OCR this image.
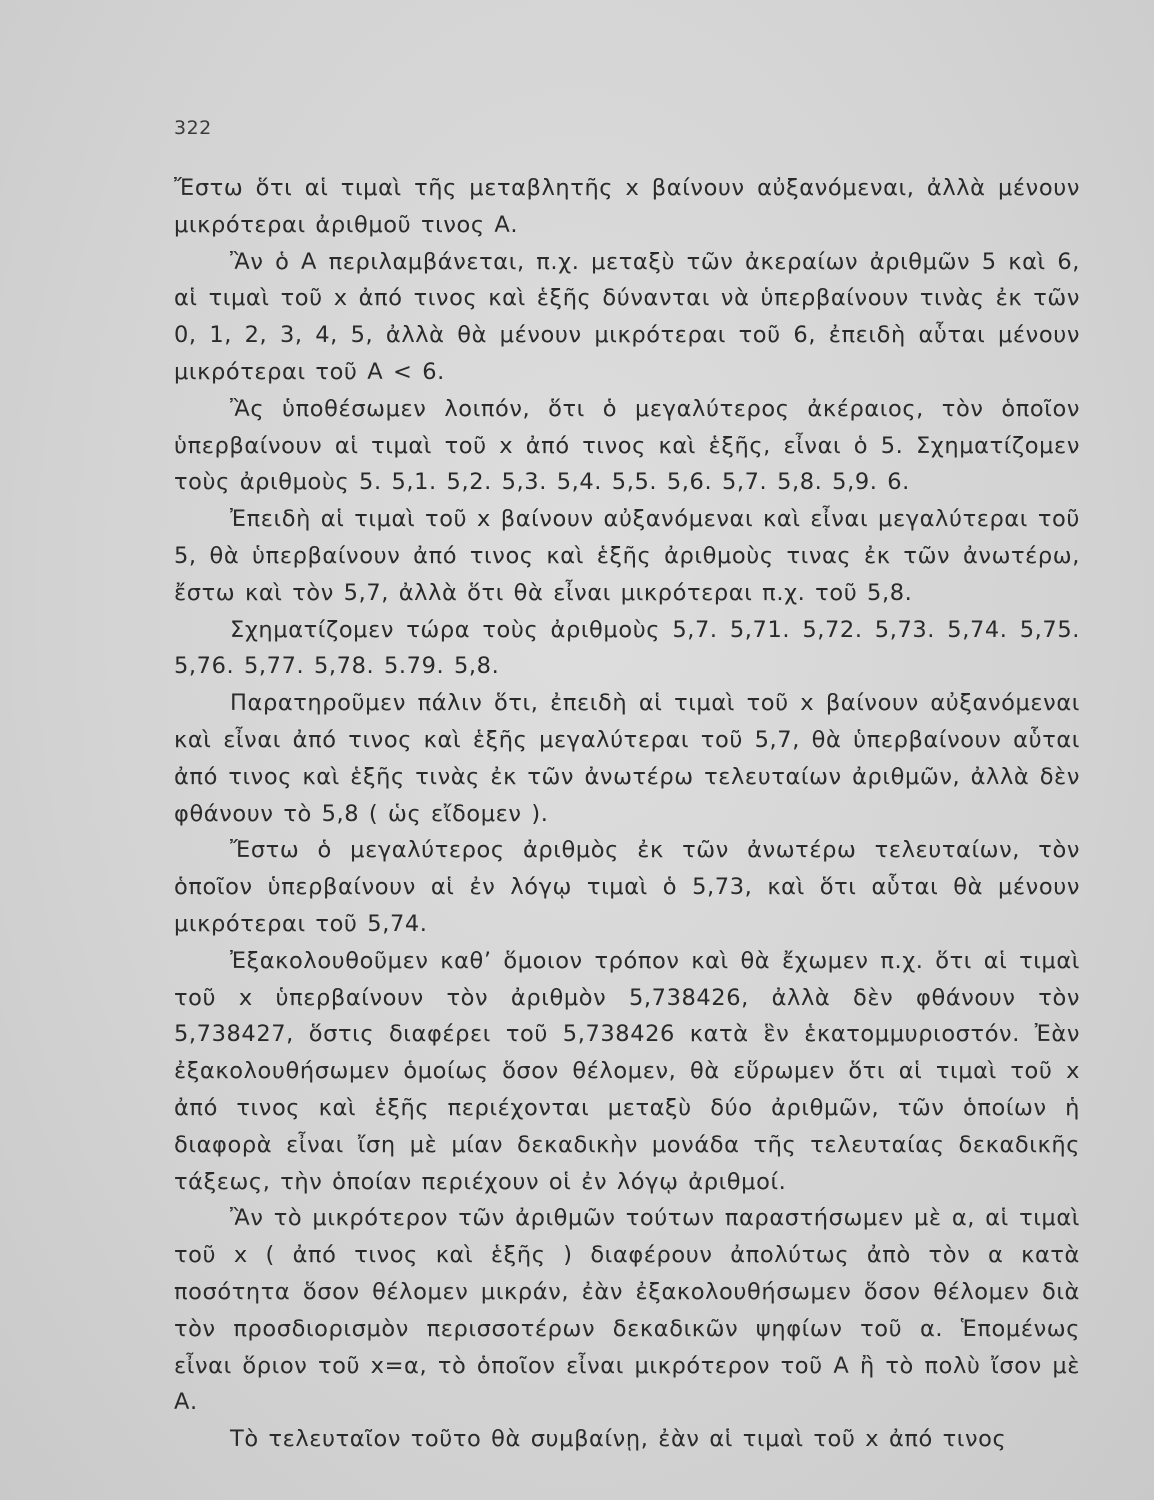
322

Ἔστω ὅτι αἱ τιμαὶ τῆς μεταβλητῆς x βαίνουν αὐξανόμεναι, ἀλλὰ μένουν μικρότεραι ἀριθμοῦ τινος Α.

Ἂν ὁ Α περιλαμβάνεται, π.χ. μεταξὺ τῶν ἀκεραίων ἀριθμῶν 5 καὶ 6, αἱ τιμαὶ τοῦ x ἀπό τινος καὶ ἑξῆς δύνανται νὰ ὑπερβαίνουν τινὰς ἐκ τῶν 0, 1, 2, 3, 4, 5, ἀλλὰ θὰ μένουν μικρότεραι τοῦ 6, ἐπειδὴ αὗται μένουν μικρότεραι τοῦ Α < 6.

Ἂς ὑποθέσωμεν λοιπόν, ὅτι ὁ μεγαλύτερος ἀκέραιος, τὸν ὁποῖον ὑπερβαίνουν αἱ τιμαὶ τοῦ x ἀπό τινος καὶ ἑξῆς, εἶναι ὁ 5. Σχηματίζομεν τοὺς ἀριθμοὺς 5. 5,1. 5,2. 5,3. 5,4. 5,5. 5,6. 5,7. 5,8. 5,9. 6.

Ἐπειδὴ αἱ τιμαὶ τοῦ x βαίνουν αὐξανόμεναι καὶ εἶναι μεγαλύτεραι τοῦ 5, θὰ ὑπερβαίνουν ἀπό τινος καὶ ἑξῆς ἀριθμοὺς τινας ἐκ τῶν ἀνωτέρω, ἔστω καὶ τὸν 5,7, ἀλλὰ ὅτι θὰ εἶναι μικρότεραι π.χ. τοῦ 5,8.

Σχηματίζομεν τώρα τοὺς ἀριθμοὺς 5,7. 5,71. 5,72. 5,73. 5,74. 5,75. 5,76. 5,77. 5,78. 5.79. 5,8.

Παρατηροῦμεν πάλιν ὅτι, ἐπειδὴ αἱ τιμαὶ τοῦ x βαίνουν αὐξανόμεναι καὶ εἶναι ἀπό τινος καὶ ἑξῆς μεγαλύτεραι τοῦ 5,7, θὰ ὑπερβαίνουν αὗται ἀπό τινος καὶ ἑξῆς τινὰς ἐκ τῶν ἀνωτέρω τελευταίων ἀριθμῶν, ἀλλὰ δὲν φθάνουν τὸ 5,8 ( ὡς εἴδομεν ).

Ἔστω ὁ μεγαλύτερος ἀριθμὸς ἐκ τῶν ἀνωτέρω τελευταίων, τὸν ὁποῖον ὑπερβαίνουν αἱ ἐν λόγῳ τιμαὶ ὁ 5,73, καὶ ὅτι αὗται θὰ μένουν μικρότεραι τοῦ 5,74.

Ἐξακολουθοῦμεν καθ’ ὅμοιον τρόπον καὶ θὰ ἔχωμεν π.χ. ὅτι αἱ τιμαὶ τοῦ x ὑπερβαίνουν τὸν ἀριθμὸν 5,738426, ἀλλὰ δὲν φθάνουν τὸν 5,738427, ὅστις διαφέρει τοῦ 5,738426 κατὰ ἓν ἑκατομμυριοστόν. Ἐὰν ἐξακολουθήσωμεν ὁμοίως ὅσον θέλομεν, θὰ εὕρωμεν ὅτι αἱ τιμαὶ τοῦ x ἀπό τινος καὶ ἑξῆς περιέχονται μεταξὺ δύο ἀριθμῶν, τῶν ὁποίων ἡ διαφορὰ εἶναι ἴση μὲ μίαν δεκαδικὴν μονάδα τῆς τελευταίας δεκαδικῆς τάξεως, τὴν ὁποίαν περιέχουν οἱ ἐν λόγῳ ἀριθμοί.

Ἂν τὸ μικρότερον τῶν ἀριθμῶν τούτων παραστήσωμεν μὲ α, αἱ τιμαὶ τοῦ x ( ἀπό τινος καὶ ἑξῆς ) διαφέρουν ἀπολύτως ἀπὸ τὸν α κατὰ ποσότητα ὅσον θέλομεν μικράν, ἐὰν ἐξακολουθήσωμεν ὅσον θέλομεν διὰ τὸν προσδιορισμὸν περισσοτέρων δεκαδικῶν ψηφίων τοῦ α. Ἑπομένως εἶναι ὅριον τοῦ x=α, τὸ ὁποῖον εἶναι μικρότερον τοῦ Α ἢ τὸ πολὺ ἴσον μὲ Α.

Τὸ τελευταῖον τοῦτο θὰ συμβαίνῃ, ἐὰν αἱ τιμαὶ τοῦ x ἀπό τινος
